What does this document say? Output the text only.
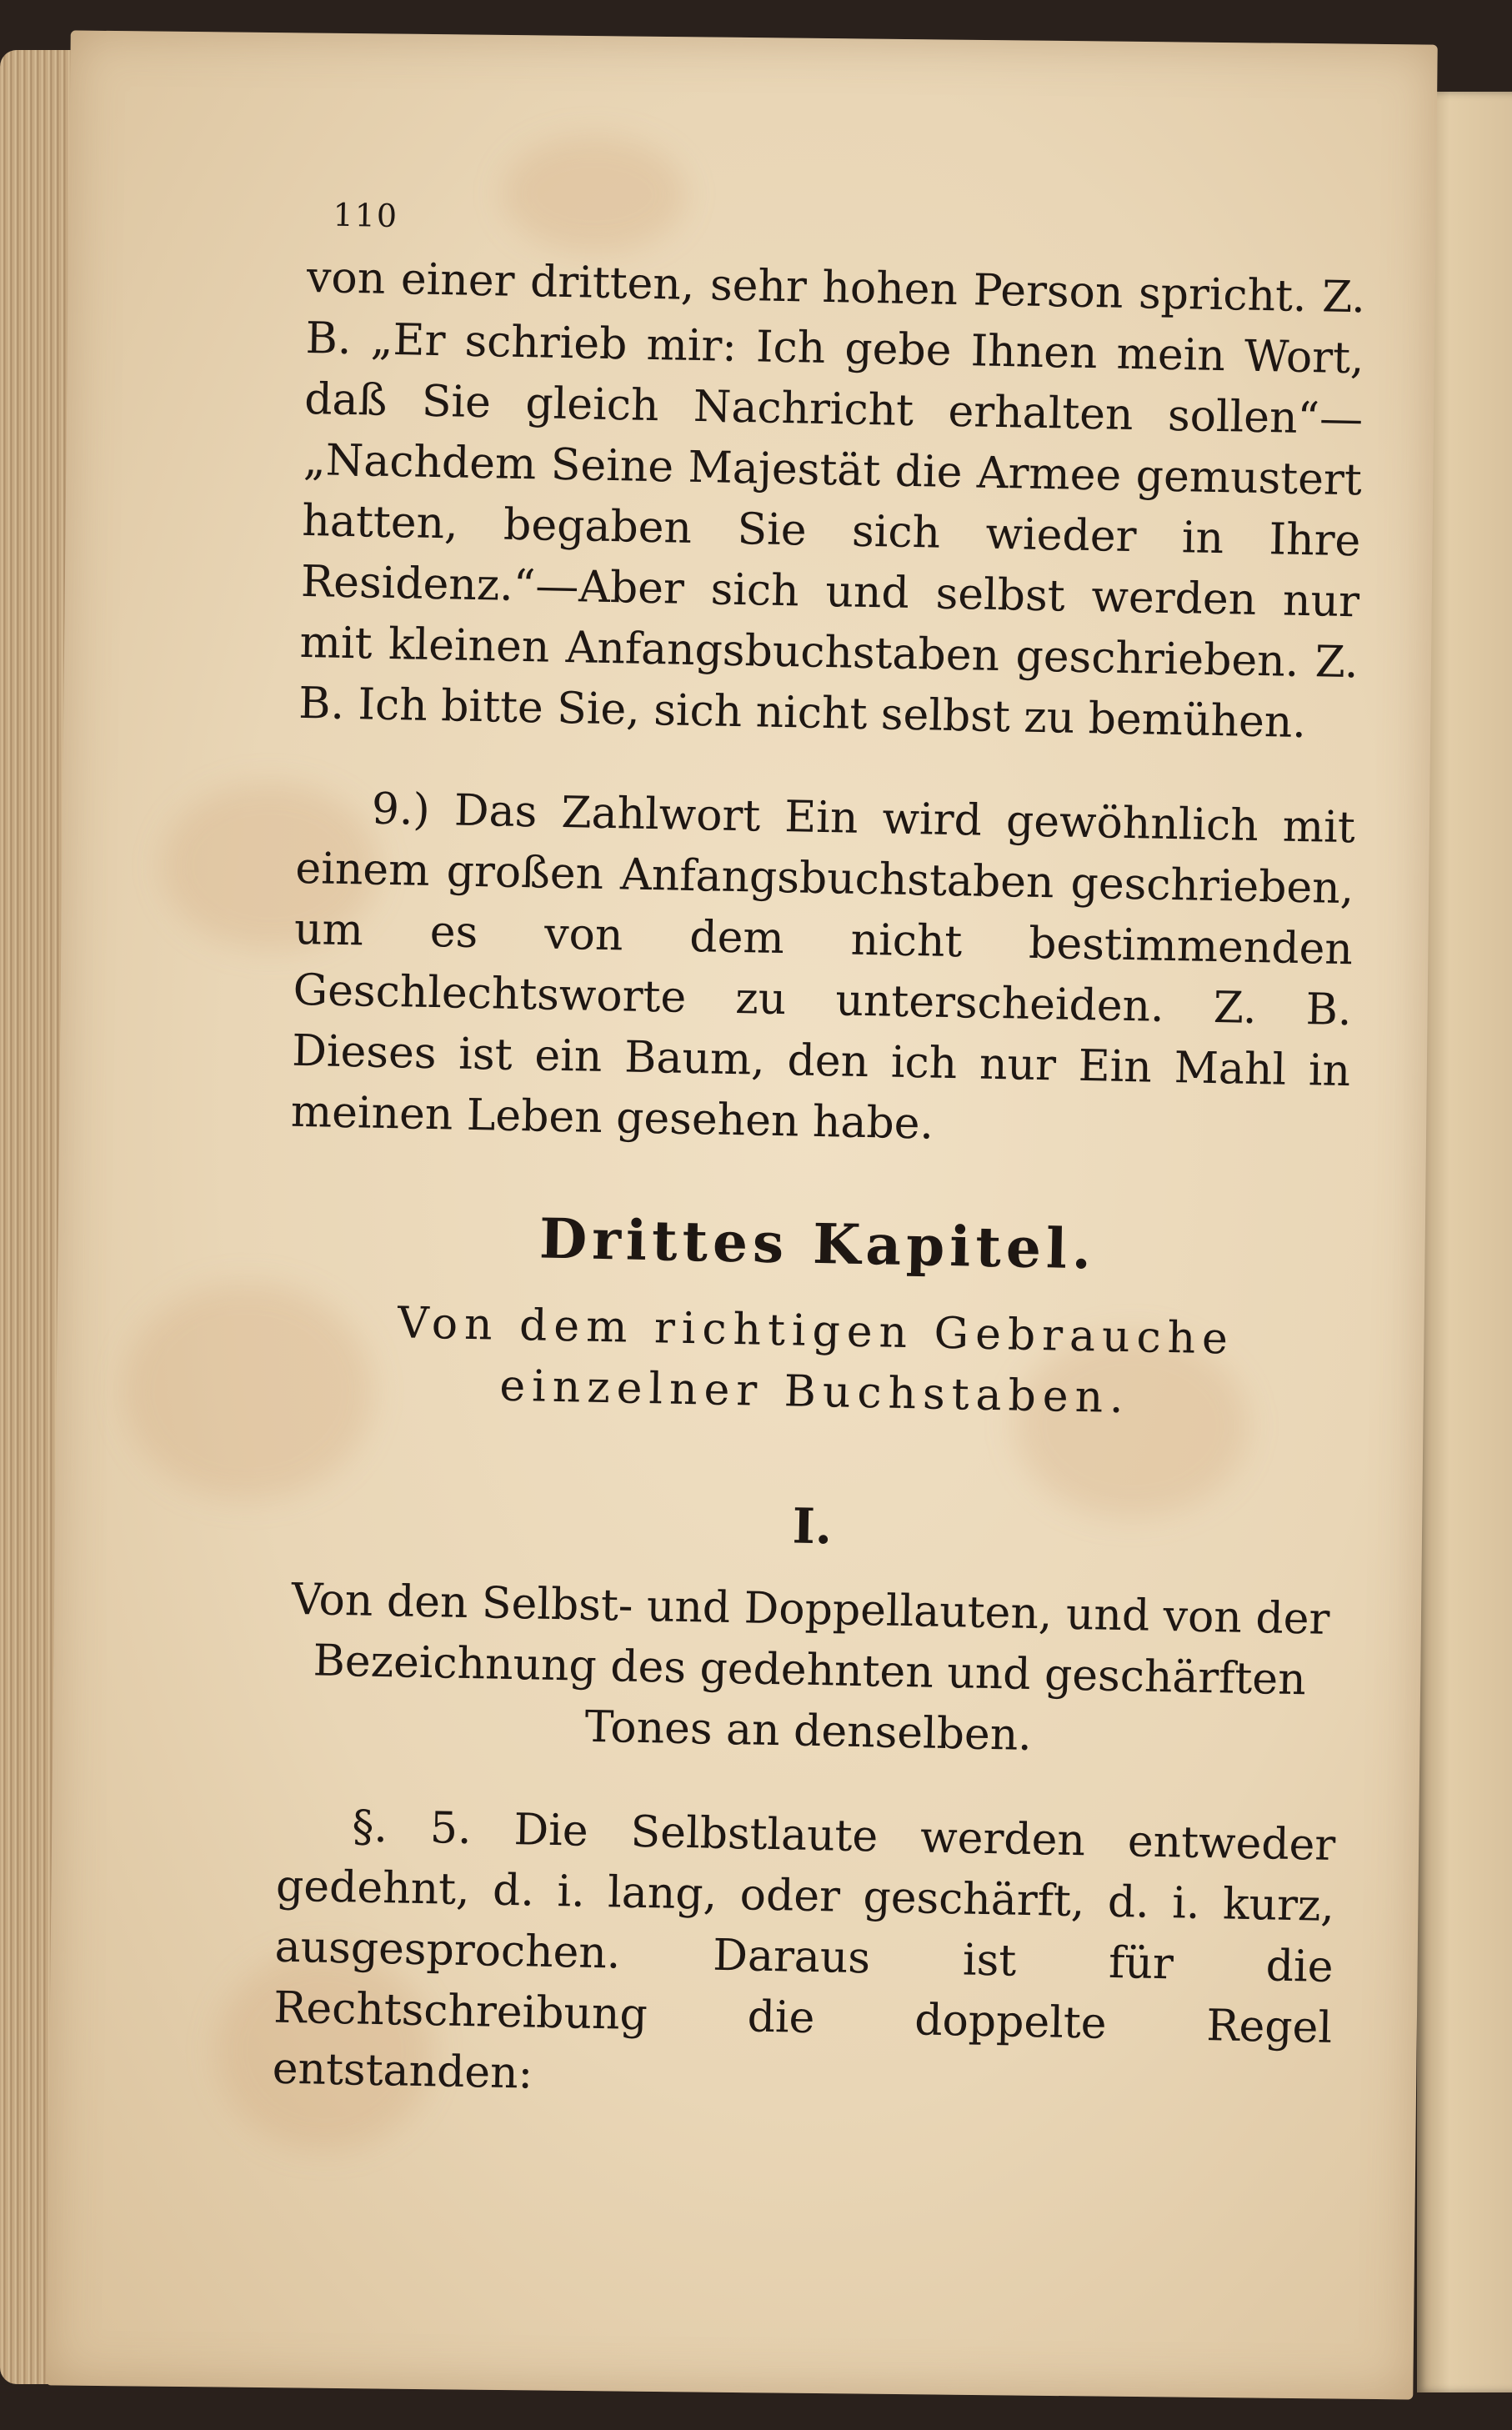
110

von einer dritten, sehr hohen Person spricht. Z. B. „Er schrieb mir: Ich gebe Ihnen mein Wort, daß Sie gleich Nachricht erhalten sollen“—„Nachdem Seine Majestät die Armee gemustert hatten, begaben Sie sich wieder in Ihre Residenz.“—Aber sich und selbst werden nur mit kleinen Anfangsbuchstaben geschrieben. Z. B. Ich bitte Sie, sich nicht selbst zu bemühen.

9.) Das Zahlwort Ein wird gewöhnlich mit einem großen Anfangsbuchstaben geschrieben, um es von dem nicht bestimmenden Geschlechtsworte zu unterscheiden. Z. B. Dieses ist ein Baum, den ich nur Ein Mahl in meinen Leben gesehen habe.

Drittes Kapitel.
Von dem richtigen Gebrauche einzelner Buchstaben.
I.

Von den Selbst- und Doppellauten, und von der Bezeichnung des gedehnten und geschärften Tones an denselben.

§. 5. Die Selbstlaute werden entweder gedehnt, d. i. lang, oder geschärft, d. i. kurz, ausgesprochen. Daraus ist für die Rechtschreibung die doppelte Regel entstanden:
